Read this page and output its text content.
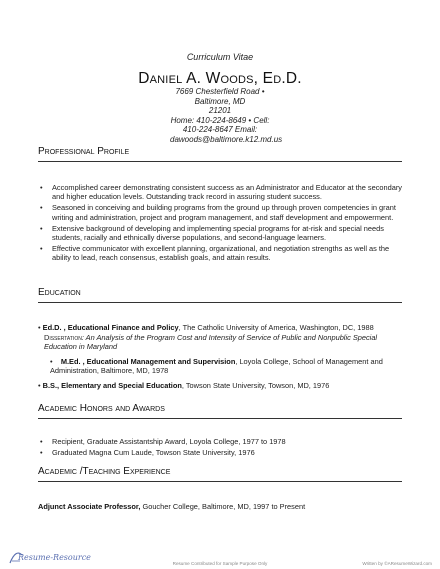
Curriculum Vitae
Daniel A. Woods, Ed.D.
7669 Chesterfield Road • Baltimore, MD
21201
Home: 410-224-8649 • Cell:
410-224-8647 Email:
dawoods@baltimore.k12.md.us
Professional Profile
• Accomplished career demonstrating consistent success as an Administrator and Educator at the secondary and higher education levels. Outstanding track record in assuring student success.
• Seasoned in conceiving and building programs from the ground up through proven competencies in grant writing and administration, project and program management, and staff development and empowerment.
• Extensive background of developing and implementing special programs for at-risk and special needs students, racially and ethnically diverse populations, and second-language learners.
• Effective communicator with excellent planning, organizational, and negotiation strengths as well as the ability to lead, reach consensus, establish goals, and attain results.
Education
• Ed.D. , Educational Finance and Policy, The Catholic University of America, Washington, DC, 1988
Dissertation: An Analysis of the Program Cost and Intensity of Service of Public and Nonpublic Special Education in Maryland
• M.Ed. , Educational Management and Supervision, Loyola College, School of Management and Administration, Baltimore, MD, 1978
• B.S., Elementary and Special Education, Towson State University, Towson, MD, 1976
Academic Honors and Awards
• Recipient, Graduate Assistantship Award, Loyola College, 1977 to 1978
• Graduated Magna Cum Laude, Towson State University, 1976
Academic /Teaching Experience
Adjunct Associate Professor, Goucher College, Baltimore, MD, 1997 to Present
Resume-Resource
Resume Contributed for Sample Purpose Only	Written by ©AResumeWizard.com
